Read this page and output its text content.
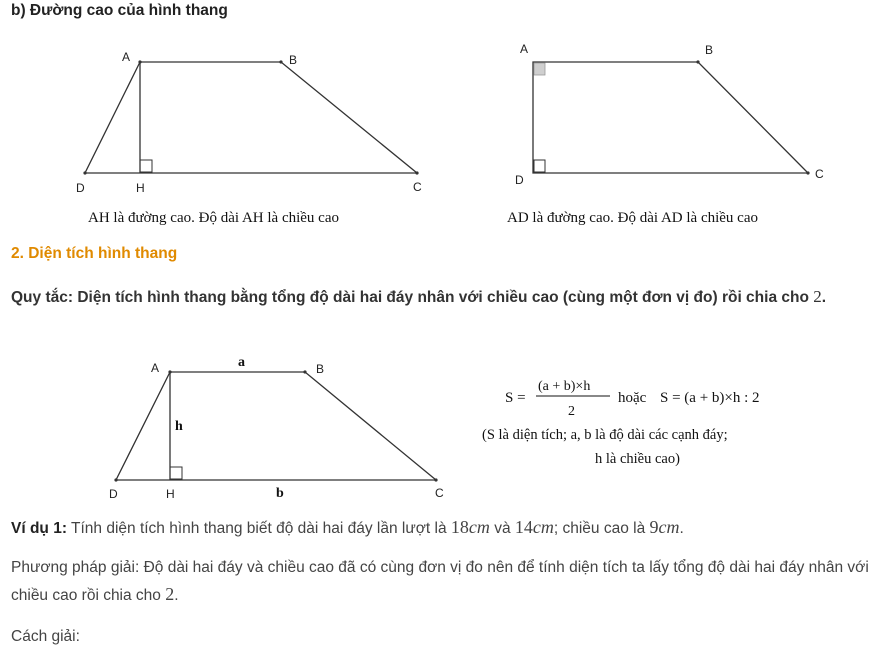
b) Đường cao của hình thang
A	B
C
D	H
AH là đường cao. Độ dài AH là chiều cao
A	B
C
D
AD là đường cao. Độ dài AD là chiều cao
2. Diện tích hình thang
Quy tắc: Diện tích hình thang bằng tổng độ dài hai đáy nhân với chiều cao (cùng một đơn vị đo) rồi chia cho 2.
A	B
C
D	H
a
b
h
S =
(a + b)×h
2
hoặc S = (a + b)×h : 2
(S là diện tích; a, b là độ dài các cạnh đáy;
h là chiều cao)
Ví dụ 1: Tính diện tích hình thang biết độ dài hai đáy lần lượt là 18cm và 14cm; chiều cao là 9cm.
Phương pháp giải: Độ dài hai đáy và chiều cao đã có cùng đơn vị đo nên để tính diện tích ta lấy tổng độ dài hai đáy nhân với chiều cao rồi chia cho 2.
Cách giải:
